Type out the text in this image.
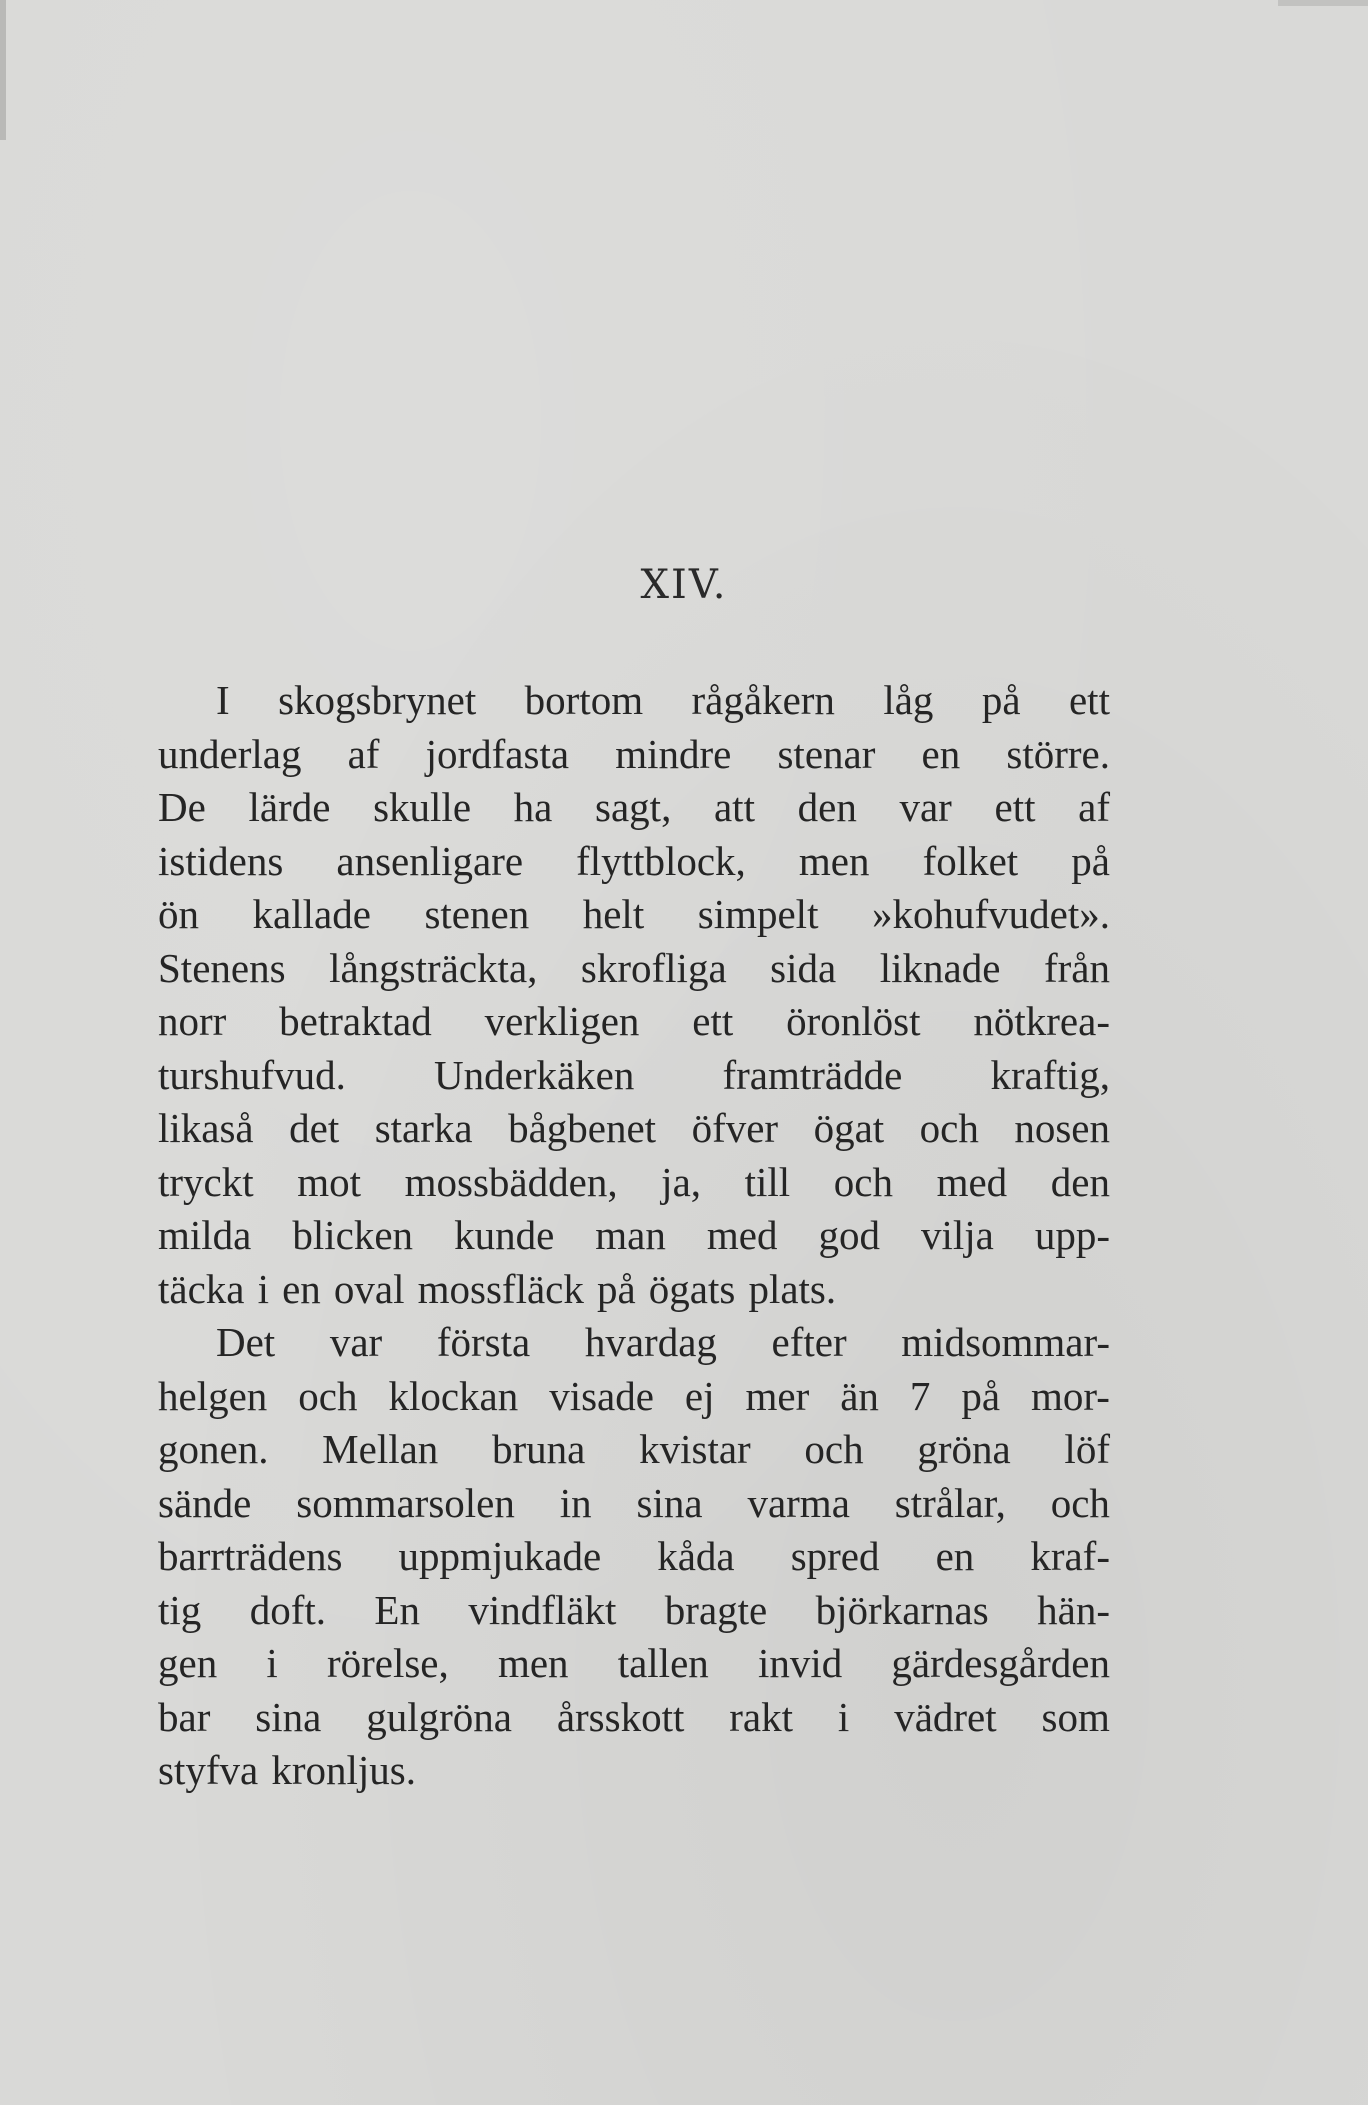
XIV.
I skogsbrynet bortom rågåkern låg på ett
underlag af jordfasta mindre stenar en större.
De lärde skulle ha sagt, att den var ett af
istidens ansenligare flyttblock, men folket på
ön kallade stenen helt simpelt »kohufvudet».
Stenens långsträckta, skrofliga sida liknade från
norr betraktad verkligen ett öronlöst nötkrea-
turshufvud. Underkäken framträdde kraftig,
likaså det starka bågbenet öfver ögat och nosen
tryckt mot mossbädden, ja, till och med den
milda blicken kunde man med god vilja upp-
täcka i en oval mossfläck på ögats plats.
Det var första hvardag efter midsommar-
helgen och klockan visade ej mer än 7 på mor-
gonen. Mellan bruna kvistar och gröna löf
sände sommarsolen in sina varma strålar, och
barrträdens uppmjukade kåda spred en kraf-
tig doft. En vindfläkt bragte björkarnas hän-
gen i rörelse, men tallen invid gärdesgården
bar sina gulgröna årsskott rakt i vädret som
styfva kronljus.
